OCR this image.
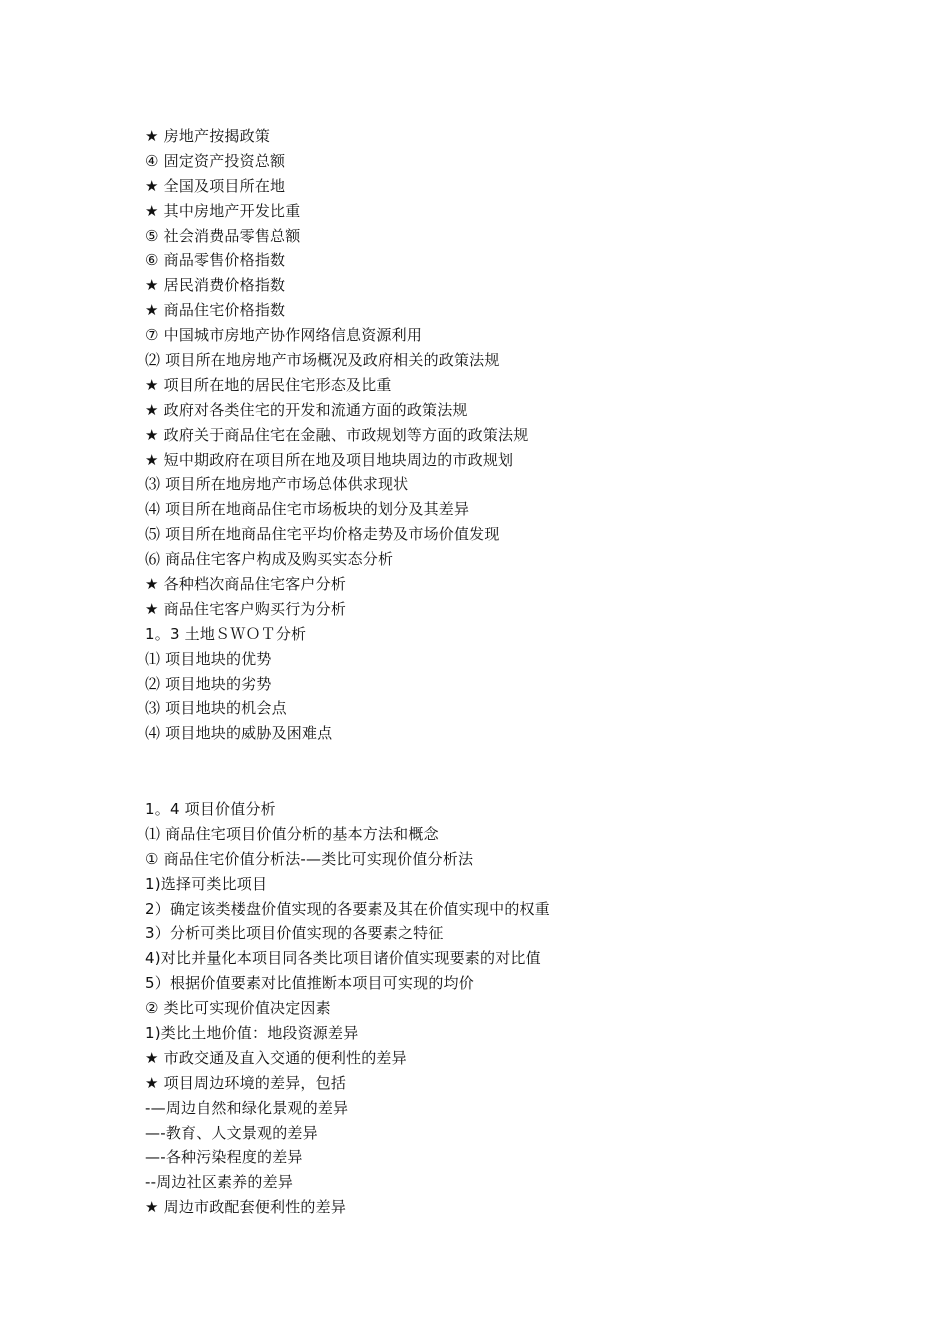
★ 房地产按揭政策
④ 固定资产投资总额
★ 全国及项目所在地
★ 其中房地产开发比重
⑤ 社会消费品零售总额
⑥ 商品零售价格指数
★ 居民消费价格指数
★ 商品住宅价格指数
⑦ 中国城市房地产协作网络信息资源利用
⑵ 项目所在地房地产市场概况及政府相关的政策法规
★ 项目所在地的居民住宅形态及比重
★ 政府对各类住宅的开发和流通方面的政策法规
★ 政府关于商品住宅在金融、市政规划等方面的政策法规
★ 短中期政府在项目所在地及项目地块周边的市政规划
⑶ 项目所在地房地产市场总体供求现状
⑷ 项目所在地商品住宅市场板块的划分及其差异
⑸ 项目所在地商品住宅平均价格走势及市场价值发现
⑹ 商品住宅客户构成及购买实态分析
★ 各种档次商品住宅客户分析
★ 商品住宅客户购买行为分析
1。3 土地ＳＷＯＴ分析
⑴ 项目地块的优势
⑵ 项目地块的劣势
⑶ 项目地块的机会点
⑷ 项目地块的威胁及困难点
1。4 项目价值分析
⑴ 商品住宅项目价值分析的基本方法和概念
① 商品住宅价值分析法-—类比可实现价值分析法
1)选择可类比项目
2）确定该类楼盘价值实现的各要素及其在价值实现中的权重
3）分析可类比项目价值实现的各要素之特征
4)对比并量化本项目同各类比项目诸价值实现要素的对比值
5）根据价值要素对比值推断本项目可实现的均价
② 类比可实现价值决定因素
1)类比土地价值：地段资源差异
★ 市政交通及直入交通的便利性的差异
★ 项目周边环境的差异，包括
-—周边自然和绿化景观的差异
—-教育、人文景观的差异
—-各种污染程度的差异
--周边社区素养的差异
★ 周边市政配套便利性的差异
